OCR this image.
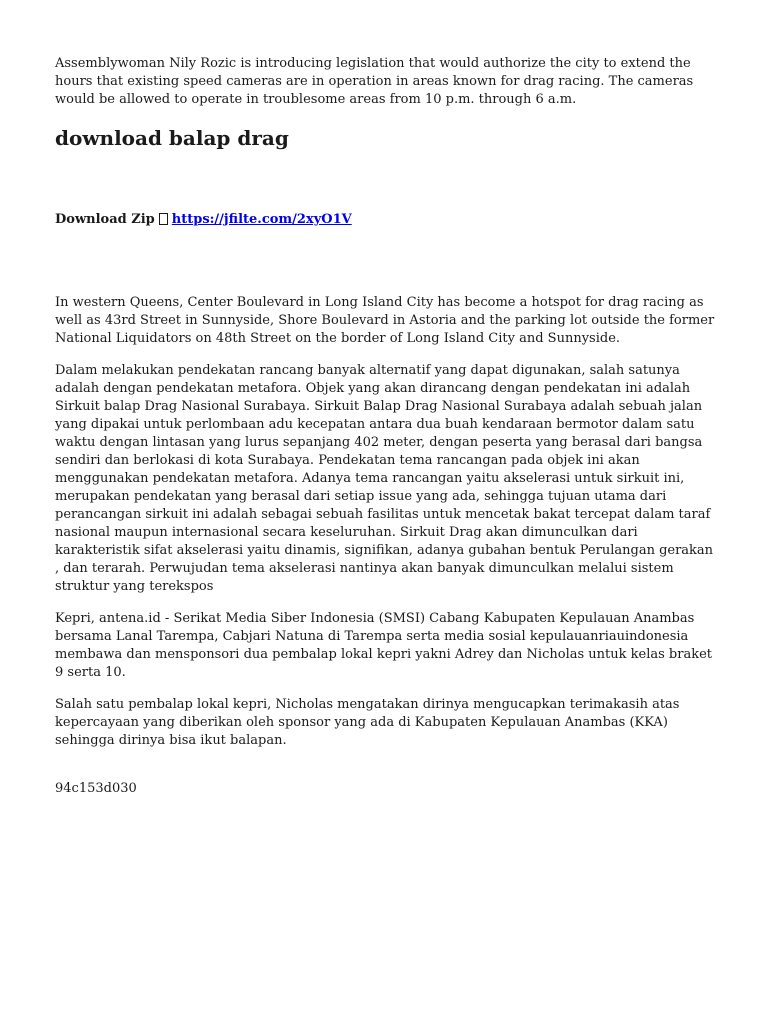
Assemblywoman Nily Rozic is introducing legislation that would authorize the city to extend the hours that existing speed cameras are in operation in areas known for drag racing. The cameras would be allowed to operate in troublesome areas from 10 p.m. through 6 a.m.

download balap drag
Download Zip https://jfilte.com/2xyO1V

In western Queens, Center Boulevard in Long Island City has become a hotspot for drag racing as well as 43rd Street in Sunnyside, Shore Boulevard in Astoria and the parking lot outside the former National Liquidators on 48th Street on the border of Long Island City and Sunnyside.

Dalam melakukan pendekatan rancang banyak alternatif yang dapat digunakan, salah satunya adalah dengan pendekatan metafora. Objek yang akan dirancang dengan pendekatan ini adalah Sirkuit balap Drag Nasional Surabaya. Sirkuit Balap Drag Nasional Surabaya adalah sebuah jalan yang dipakai untuk perlombaan adu kecepatan antara dua buah kendaraan bermotor dalam satu waktu dengan lintasan yang lurus sepanjang 402 meter, dengan peserta yang berasal dari bangsa sendiri dan berlokasi di kota Surabaya. Pendekatan tema rancangan pada objek ini akan menggunakan pendekatan metafora. Adanya tema rancangan yaitu akselerasi untuk sirkuit ini, merupakan pendekatan yang berasal dari setiap issue yang ada, sehingga tujuan utama dari perancangan sirkuit ini adalah sebagai sebuah fasilitas untuk mencetak bakat tercepat dalam taraf nasional maupun internasional secara keseluruhan. Sirkuit Drag akan dimunculkan dari karakteristik sifat akselerasi yaitu dinamis, signifikan, adanya gubahan bentuk Perulangan gerakan , dan terarah. Perwujudan tema akselerasi nantinya akan banyak dimunculkan melalui sistem struktur yang terekspos

Kepri, antena.id - Serikat Media Siber Indonesia (SMSI) Cabang Kabupaten Kepulauan Anambas bersama Lanal Tarempa, Cabjari Natuna di Tarempa serta media sosial kepulauanriauindonesia membawa dan mensponsori dua pembalap lokal kepri yakni Adrey dan Nicholas untuk kelas braket 9 serta 10.

Salah satu pembalap lokal kepri, Nicholas mengatakan dirinya mengucapkan terimakasih atas kepercayaan yang diberikan oleh sponsor yang ada di Kabupaten Kepulauan Anambas (KKA) sehingga dirinya bisa ikut balapan.

94c153d030
